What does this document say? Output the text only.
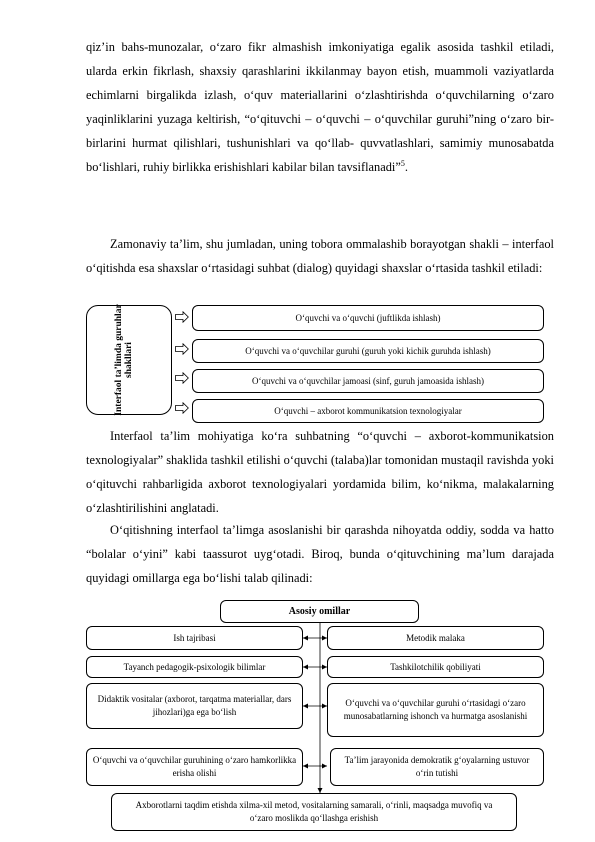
qiz’in bahs-munozalar, o‘zaro fikr almashish imkoniyatiga egalik asosida tashkil etiladi, ularda erkin fikrlash, shaxsiy qarashlarini ikkilanmay bayon etish, muammoli vaziyatlarda echimlarni birgalikda izlash, o‘quv materiallarini o‘zlashtirishda o‘quvchilarning o‘zaro yaqinliklarini yuzaga keltirish, “o‘qituvchi – o‘quvchi – o‘quvchilar guruhi”ning o‘zaro bir-birlarini hurmat qilishlari, tushunishlari va qo‘llab- quvvatlashlari, samimiy munosabatda bo‘lishlari, ruhiy birlikka erishishlari kabilar bilan tavsiflanadi”$^5$.

Zamonaviy ta’lim, shu jumladan, uning tobora ommalashib borayotgan shakli – interfaol o‘qitishda esa shaxslar o‘rtasidagi suhbat (dialog) quyidagi shaxslar o‘rtasida tashkil etiladi:

Interfaol ta’limda guruhlar shakllari
O‘quvchi va o‘quvchi (juftlikda ishlash)
O‘quvchi va o‘quvchilar guruhi (guruh yoki kichik guruhda ishlash)
O‘quvchi va o‘quvchilar jamoasi (sinf, guruh jamoasida ishlash)
O‘quvchi – axborot kommunikatsion texnologiyalar

Interfaol ta’lim mohiyatiga ko‘ra suhbatning “o‘quvchi – axborot-kommunikatsion texnologiyalar” shaklida tashkil etilishi o‘quvchi (talaba)lar tomonidan mustaqil ravishda yoki o‘qituvchi rahbarligida axborot texnologiyalari yordamida bilim, ko‘nikma, malakalarning o‘zlashtirilishini anglatadi.

O‘qitishning interfaol ta’limga asoslanishi bir qarashda nihoyatda oddiy, sodda va hatto “bolalar o‘yini” kabi taassurot uyg‘otadi. Biroq, bunda o‘qituvchining ma’lum darajada quyidagi omillarga ega bo‘lishi talab qilinadi:

Asosiy omillar
Ish tajribasi
Tayanch pedagogik-psixologik bilimlar
Didaktik vositalar (axborot, tarqatma materiallar, dars jihozlari)ga ega bo‘lish
O‘quvchi va o‘quvchilar guruhining o‘zaro hamkorlikka erisha olishi
Metodik malaka
Tashkilotchilik qobiliyati
O‘quvchi va o‘quvchilar guruhi o‘rtasidagi o‘zaro munosabatlarning ishonch va hurmatga asoslanishi
Ta’lim jarayonida demokratik g‘oyalarning ustuvor o‘rin tutishi
Axborotlarni taqdim etishda xilma-xil metod, vositalarning samarali, o‘rinli, maqsadga muvofiq va o‘zaro moslikda qo‘llashga erishish
